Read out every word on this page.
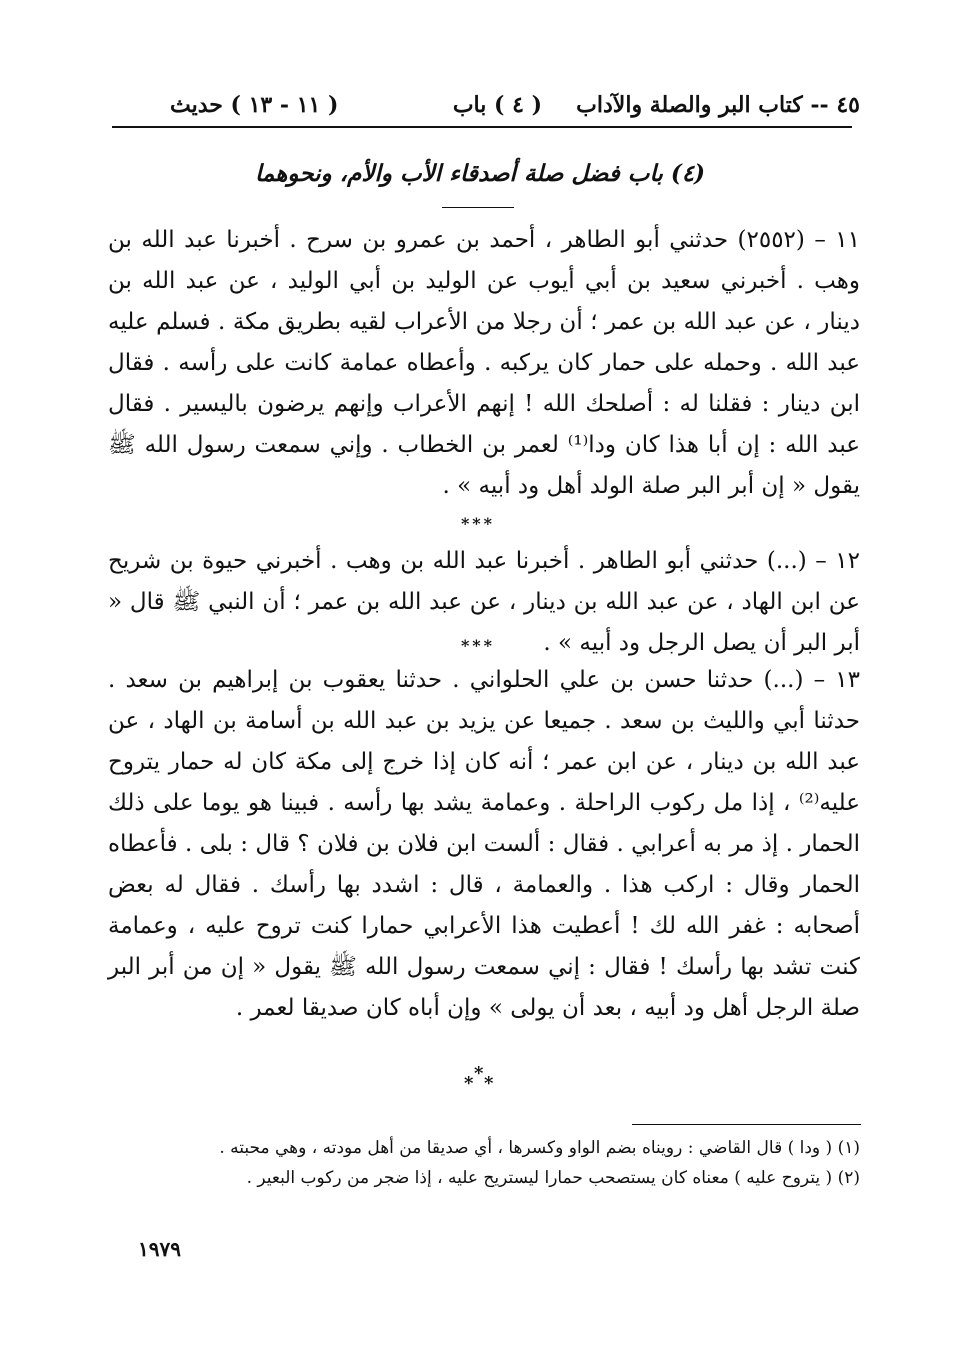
٤٥ -- كتاب البر والصلة والآداب
( ٤ ) باب
( ١١ - ١٣ ) حديث
(٤) باب فضل صلة أصدقاء الأب والأم، ونحوهما
١١ – (٢٥٥٢) حدثني أبو الطاهر ، أحمد بن عمرو بن سرح . أخبرنا عبد الله بن وهب . أخبرني سعيد بن أبي أيوب عن الوليد بن أبي الوليد ، عن عبد الله بن دينار ، عن عبد الله بن عمر ؛ أن رجلا من الأعراب لقيه بطريق مكة . فسلم عليه عبد الله . وحمله على حمار كان يركبه . وأعطاه عمامة كانت على رأسه . فقال ابن دينار : فقلنا له : أصلحك الله ! إنهم الأعراب وإنهم يرضون باليسير . فقال عبد الله : إن أبا هذا كان ودا⁽¹⁾ لعمر بن الخطاب . وإني سمعت رسول الله ﷺ يقول « إن أبر البر صلة الولد أهل ود أبيه » .
***
١٢ – (...) حدثني أبو الطاهر . أخبرنا عبد الله بن وهب . أخبرني حيوة بن شريح عن ابن الهاد ، عن عبد الله بن دينار ، عن عبد الله بن عمر ؛ أن النبي ﷺ قال « أبر البر أن يصل الرجل ود أبيه » .
***
١٣ – (...) حدثنا حسن بن علي الحلواني . حدثنا يعقوب بن إبراهيم بن سعد . حدثنا أبي والليث بن سعد . جميعا عن يزيد بن عبد الله بن أسامة بن الهاد ، عن عبد الله بن دينار ، عن ابن عمر ؛ أنه كان إذا خرج إلى مكة كان له حمار يتروح عليه⁽²⁾ ، إذا مل ركوب الراحلة . وعمامة يشد بها رأسه . فبينا هو يوما على ذلك الحمار . إذ مر به أعرابي . فقال : ألست ابن فلان بن فلان ؟ قال : بلى . فأعطاه الحمار وقال : اركب هذا . والعمامة ، قال : اشدد بها رأسك . فقال له بعض أصحابه : غفر الله لك ! أعطيت هذا الأعرابي حمارا كنت تروح عليه ، وعمامة كنت تشد بها رأسك ! فقال : إني سمعت رسول الله ﷺ يقول « إن من أبر البر صلة الرجل أهل ود أبيه ، بعد أن يولى » وإن أباه كان صديقا لعمر .
*
* *
(١) ( ودا ) قال القاضي : رويناه بضم الواو وكسرها ، أي صديقا من أهل مودته ، وهي محبته .
(٢) ( يتروح عليه ) معناه كان يستصحب حمارا ليستريح عليه ، إذا ضجر من ركوب البعير .
١٩٧٩
